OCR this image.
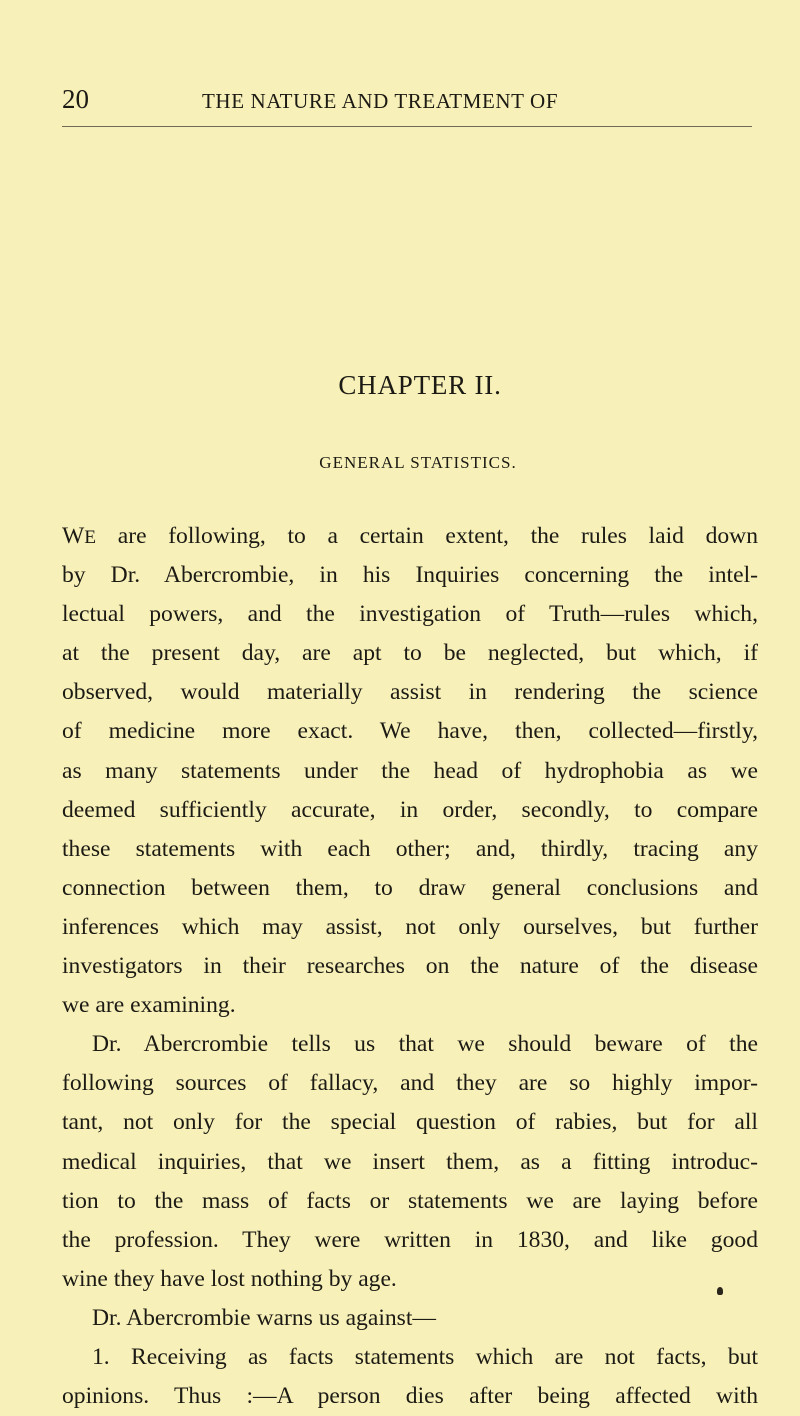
20	THE NATURE AND TREATMENT OF
CHAPTER II.
GENERAL STATISTICS.
WE are following, to a certain extent, the rules laid down
by Dr. Abercrombie, in his Inquiries concerning the intel-
lectual powers, and the investigation of Truth—rules which,
at the present day, are apt to be neglected, but which, if
observed, would materially assist in rendering the science
of medicine more exact. We have, then, collected—firstly,
as many statements under the head of hydrophobia as we
deemed sufficiently accurate, in order, secondly, to compare
these statements with each other; and, thirdly, tracing any
connection between them, to draw general conclusions and
inferences which may assist, not only ourselves, but further
investigators in their researches on the nature of the disease
we are examining.
Dr. Abercrombie tells us that we should beware of the
following sources of fallacy, and they are so highly impor-
tant, not only for the special question of rabies, but for all
medical inquiries, that we insert them, as a fitting introduc-
tion to the mass of facts or statements we are laying before
the profession. They were written in 1830, and like good
wine they have lost nothing by age.
Dr. Abercrombie warns us against—
1. Receiving as facts statements which are not facts, but
opinions. Thus :—A person dies after being affected with
